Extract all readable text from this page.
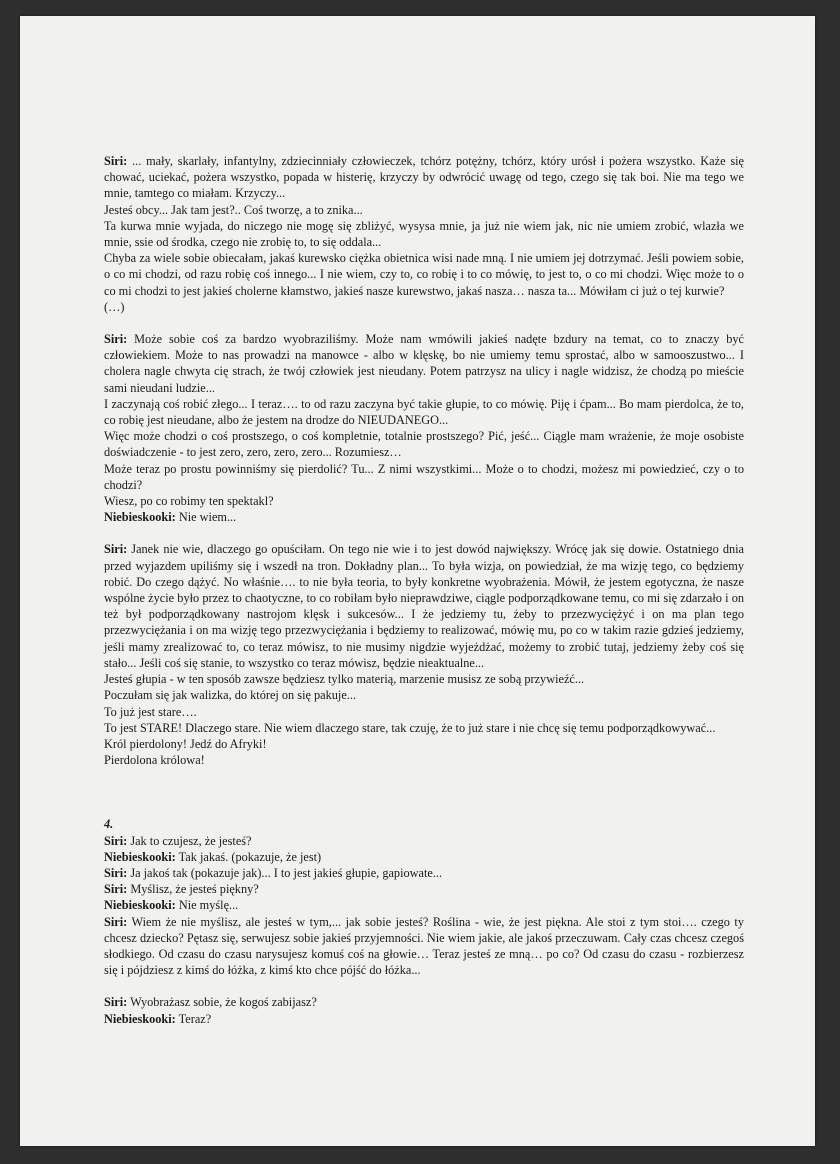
Siri: ... mały, skarlały, infantylny, zdziecinniały człowieczek, tchórz potężny, tchórz, który urósł i pożera wszystko. Każe się chować, uciekać, pożera wszystko, popada w histerię, krzyczy by odwrócić uwagę od tego, czego się tak boi. Nie ma tego we mnie, tamtego co miałam. Krzyczy...

Jesteś obcy... Jak tam jest?.. Coś tworzę, a to znika...

Ta kurwa mnie wyjada, do niczego nie mogę się zbliżyć, wysysa mnie, ja już nie wiem jak, nic nie umiem zrobić, wlazła we mnie, ssie od środka, czego nie zrobię to, to się oddala...

Chyba za wiele sobie obiecałam, jakaś kurewsko ciężka obietnica wisi nade mną. I nie umiem jej dotrzymać. Jeśli powiem sobie, o co mi chodzi, od razu robię coś innego... I nie wiem, czy to, co robię i to co mówię, to jest to, o co mi chodzi. Więc może to o co mi chodzi to jest jakieś cholerne kłamstwo, jakieś nasze kurewstwo, jakaś nasza… nasza ta... Mówiłam ci już o tej kurwie?

(…)

Siri: Może sobie coś za bardzo wyobraziliśmy. Może nam wmówili jakieś nadęte bzdury na temat, co to znaczy być człowiekiem. Może to nas prowadzi na manowce - albo w klęskę, bo nie umiemy temu sprostać, albo w samooszustwo... I cholera nagle chwyta cię strach, że twój człowiek jest nieudany. Potem patrzysz na ulicy i nagle widzisz, że chodzą po mieście sami nieudani ludzie...

I zaczynają coś robić złego... I teraz…. to od razu zaczyna być takie głupie, to co mówię. Piję i ćpam... Bo mam pierdolca, że to, co robię jest nieudane, albo że jestem na drodze do NIEUDANEGO...

Więc może chodzi o coś prostszego, o coś kompletnie, totalnie prostszego? Pić, jeść... Ciągle mam wrażenie, że moje osobiste doświadczenie - to jest zero, zero, zero, zero... Rozumiesz…

Może teraz po prostu powinniśmy się pierdolić? Tu... Z nimi wszystkimi... Może o to chodzi, możesz mi powiedzieć, czy o to chodzi?

Wiesz, po co robimy ten spektakl?

Niebieskooki: Nie wiem...

Siri: Janek nie wie, dlaczego go opuściłam. On tego nie wie i to jest dowód największy. Wrócę jak się dowie. Ostatniego dnia przed wyjazdem upiliśmy się i wszedł na tron. Dokładny plan... To była wizja, on powiedział, że ma wizję tego, co będziemy robić. Do czego dążyć. No właśnie…. to nie była teoria, to były konkretne wyobrażenia. Mówił, że jestem egotyczna, że nasze wspólne życie było przez to chaotyczne, to co robiłam było nieprawdziwe, ciągle podporządkowane temu, co mi się zdarzało i on też był podporządkowany nastrojom klęsk i sukcesów... I że jedziemy tu, żeby to przezwyciężyć i on ma plan tego przezwyciężania i on ma wizję tego przezwyciężania i będziemy to realizować, mówię mu, po co w takim razie gdzieś jedziemy, jeśli mamy zrealizować to, co teraz mówisz, to nie musimy nigdzie wyjeżdżać, możemy to zrobić tutaj, jedziemy żeby coś się stało... Jeśli coś się stanie, to wszystko co teraz mówisz, będzie nieaktualne...

Jesteś głupia - w ten sposób zawsze będziesz tylko materią, marzenie musisz ze sobą przywieźć...

Poczułam się jak walizka, do której on się pakuje...

To już jest stare….

To jest STARE! Dlaczego stare. Nie wiem dlaczego stare, tak czuję, że to już stare i nie chcę się temu podporządkowywać...

Król pierdolony! Jedź do Afryki!

Pierdolona królowa!

4.

Siri: Jak to czujesz, że jesteś?

Niebieskooki: Tak jakaś. (pokazuje, że jest)

Siri: Ja jakoś tak (pokazuje jak)... I to jest jakieś głupie, gapiowate...

Siri: Myślisz, że jesteś piękny?

Niebieskooki: Nie myślę...

Siri: Wiem że nie myślisz, ale jesteś w tym,... jak sobie jesteś? Roślina - wie, że jest piękna. Ale stoi z tym stoi…. czego ty chcesz dziecko? Pętasz się, serwujesz sobie jakieś przyjemności. Nie wiem jakie, ale jakoś przeczuwam. Cały czas chcesz czegoś słodkiego. Od czasu do czasu narysujesz komuś coś na głowie… Teraz jesteś ze mną… po co? Od czasu do czasu - rozbierzesz się i pójdziesz z kimś do łóżka, z kimś kto chce pójść do łóżka...

Siri: Wyobrażasz sobie, że kogoś zabijasz?

Niebieskooki: Teraz?
